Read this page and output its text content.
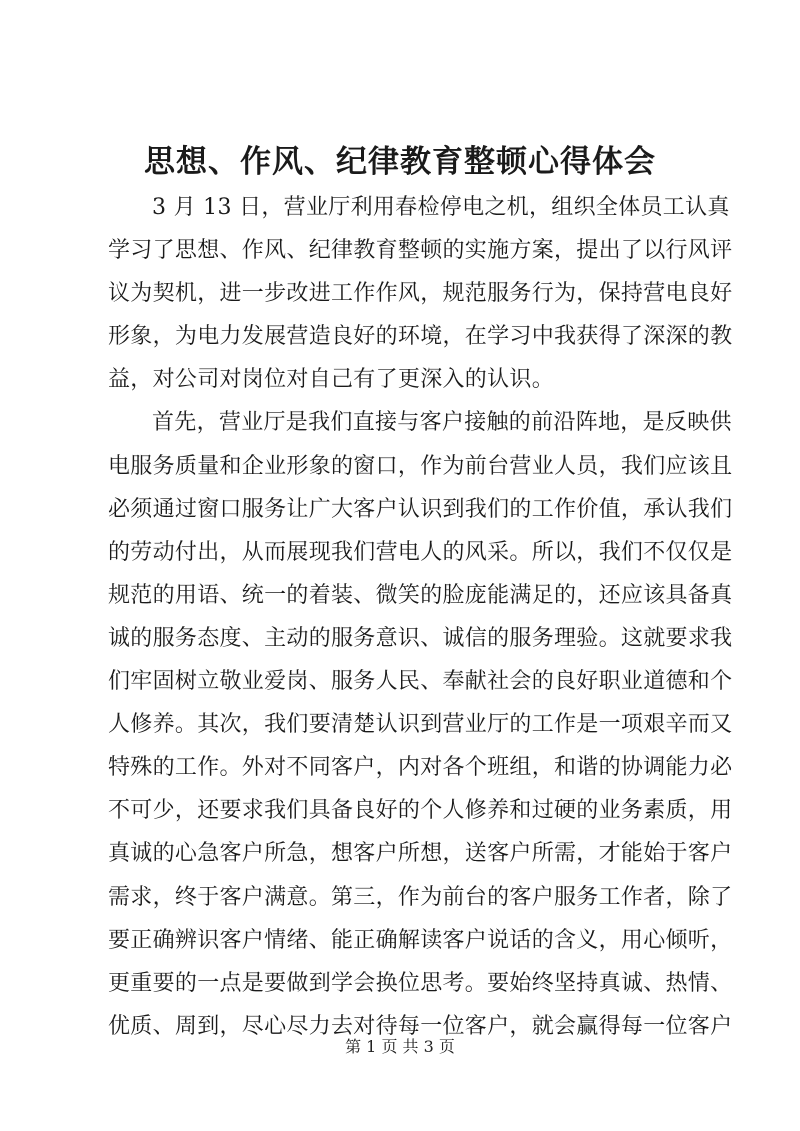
思想、作风、纪律教育整顿心得体会
3 月 13 日，营业厅利用春检停电之机，组织全体员工认真
学习了思想、作风、纪律教育整顿的实施方案，提出了以行风评
议为契机，进一步改进工作作风，规范服务行为，保持营电良好
形象，为电力发展营造良好的环境，在学习中我获得了深深的教
益，对公司对岗位对自己有了更深入的认识。
首先，营业厅是我们直接与客户接触的前沿阵地，是反映供
电服务质量和企业形象的窗口，作为前台营业人员，我们应该且
必须通过窗口服务让广大客户认识到我们的工作价值，承认我们
的劳动付出，从而展现我们营电人的风采。所以，我们不仅仅是
规范的用语、统一的着装、微笑的脸庞能满足的，还应该具备真
诚的服务态度、主动的服务意识、诚信的服务理验。这就要求我
们牢固树立敬业爱岗、服务人民、奉献社会的良好职业道德和个
人修养。其次，我们要清楚认识到营业厅的工作是一项艰辛而又
特殊的工作。外对不同客户，内对各个班组，和谐的协调能力必
不可少，还要求我们具备良好的个人修养和过硬的业务素质，用
真诚的心急客户所急，想客户所想，送客户所需，才能始于客户
需求，终于客户满意。第三，作为前台的客户服务工作者，除了
要正确辨识客户情绪、能正确解读客户说话的含义，用心倾听，
更重要的一点是要做到学会换位思考。要始终坚持真诚、热情、
优质、周到，尽心尽力去对待每一位客户，就会赢得每一位客户
第 1 页 共 3 页
